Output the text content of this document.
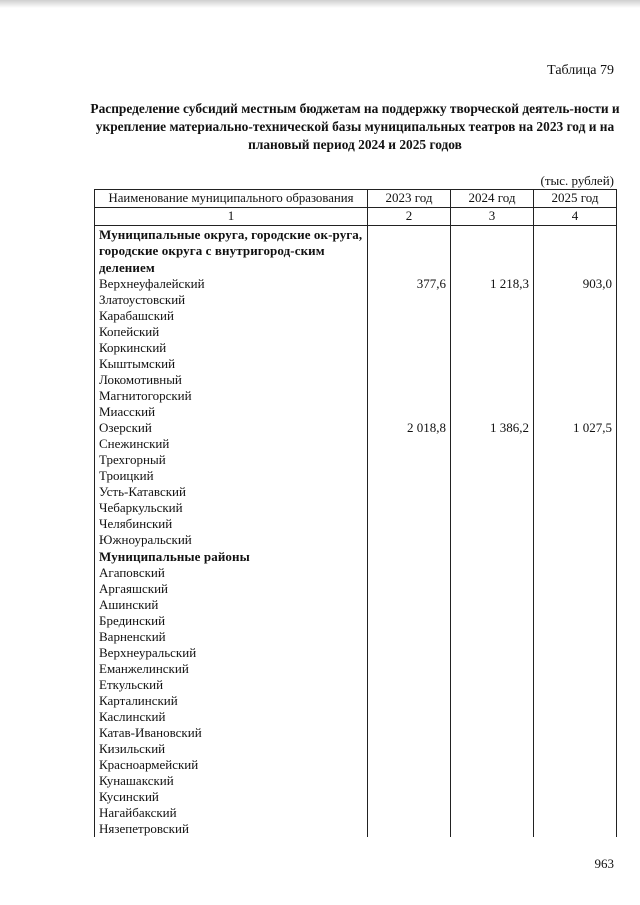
Таблица 79
Распределение субсидий местным бюджетам на поддержку творческой деятель-ности и укрепление материально-технической базы муниципальных театров на 2023 год и на плановый период 2024 и 2025 годов
(тыс. рублей)
Наименование муниципального образования	2023 год	2024 год	2025 год
1	2	3	4
Муниципальные округа, городские ок-руга, городские округа с внутригород-ским делением			
Верхнеуфалейский	377,6	1 218,3	903,0
Златоустовский			
Карабашский			
Копейский			
Коркинский			
Кыштымский			
Локомотивный			
Магнитогорский			
Миасский			
Озерский	2 018,8	1 386,2	1 027,5
Снежинский			
Трехгорный			
Троицкий			
Усть-Катавский			
Чебаркульский			
Челябинский			
Южноуральский			
Муниципальные районы			
Агаповский			
Аргаяшский			
Ашинский			
Брединский			
Варненский			
Верхнеуральский			
Еманжелинский			
Еткульский			
Карталинский			
Каслинский			
Катав-Ивановский			
Кизильский			
Красноармейский			
Кунашакский			
Кусинский			
Нагайбакский			
Нязепетровский			
963
